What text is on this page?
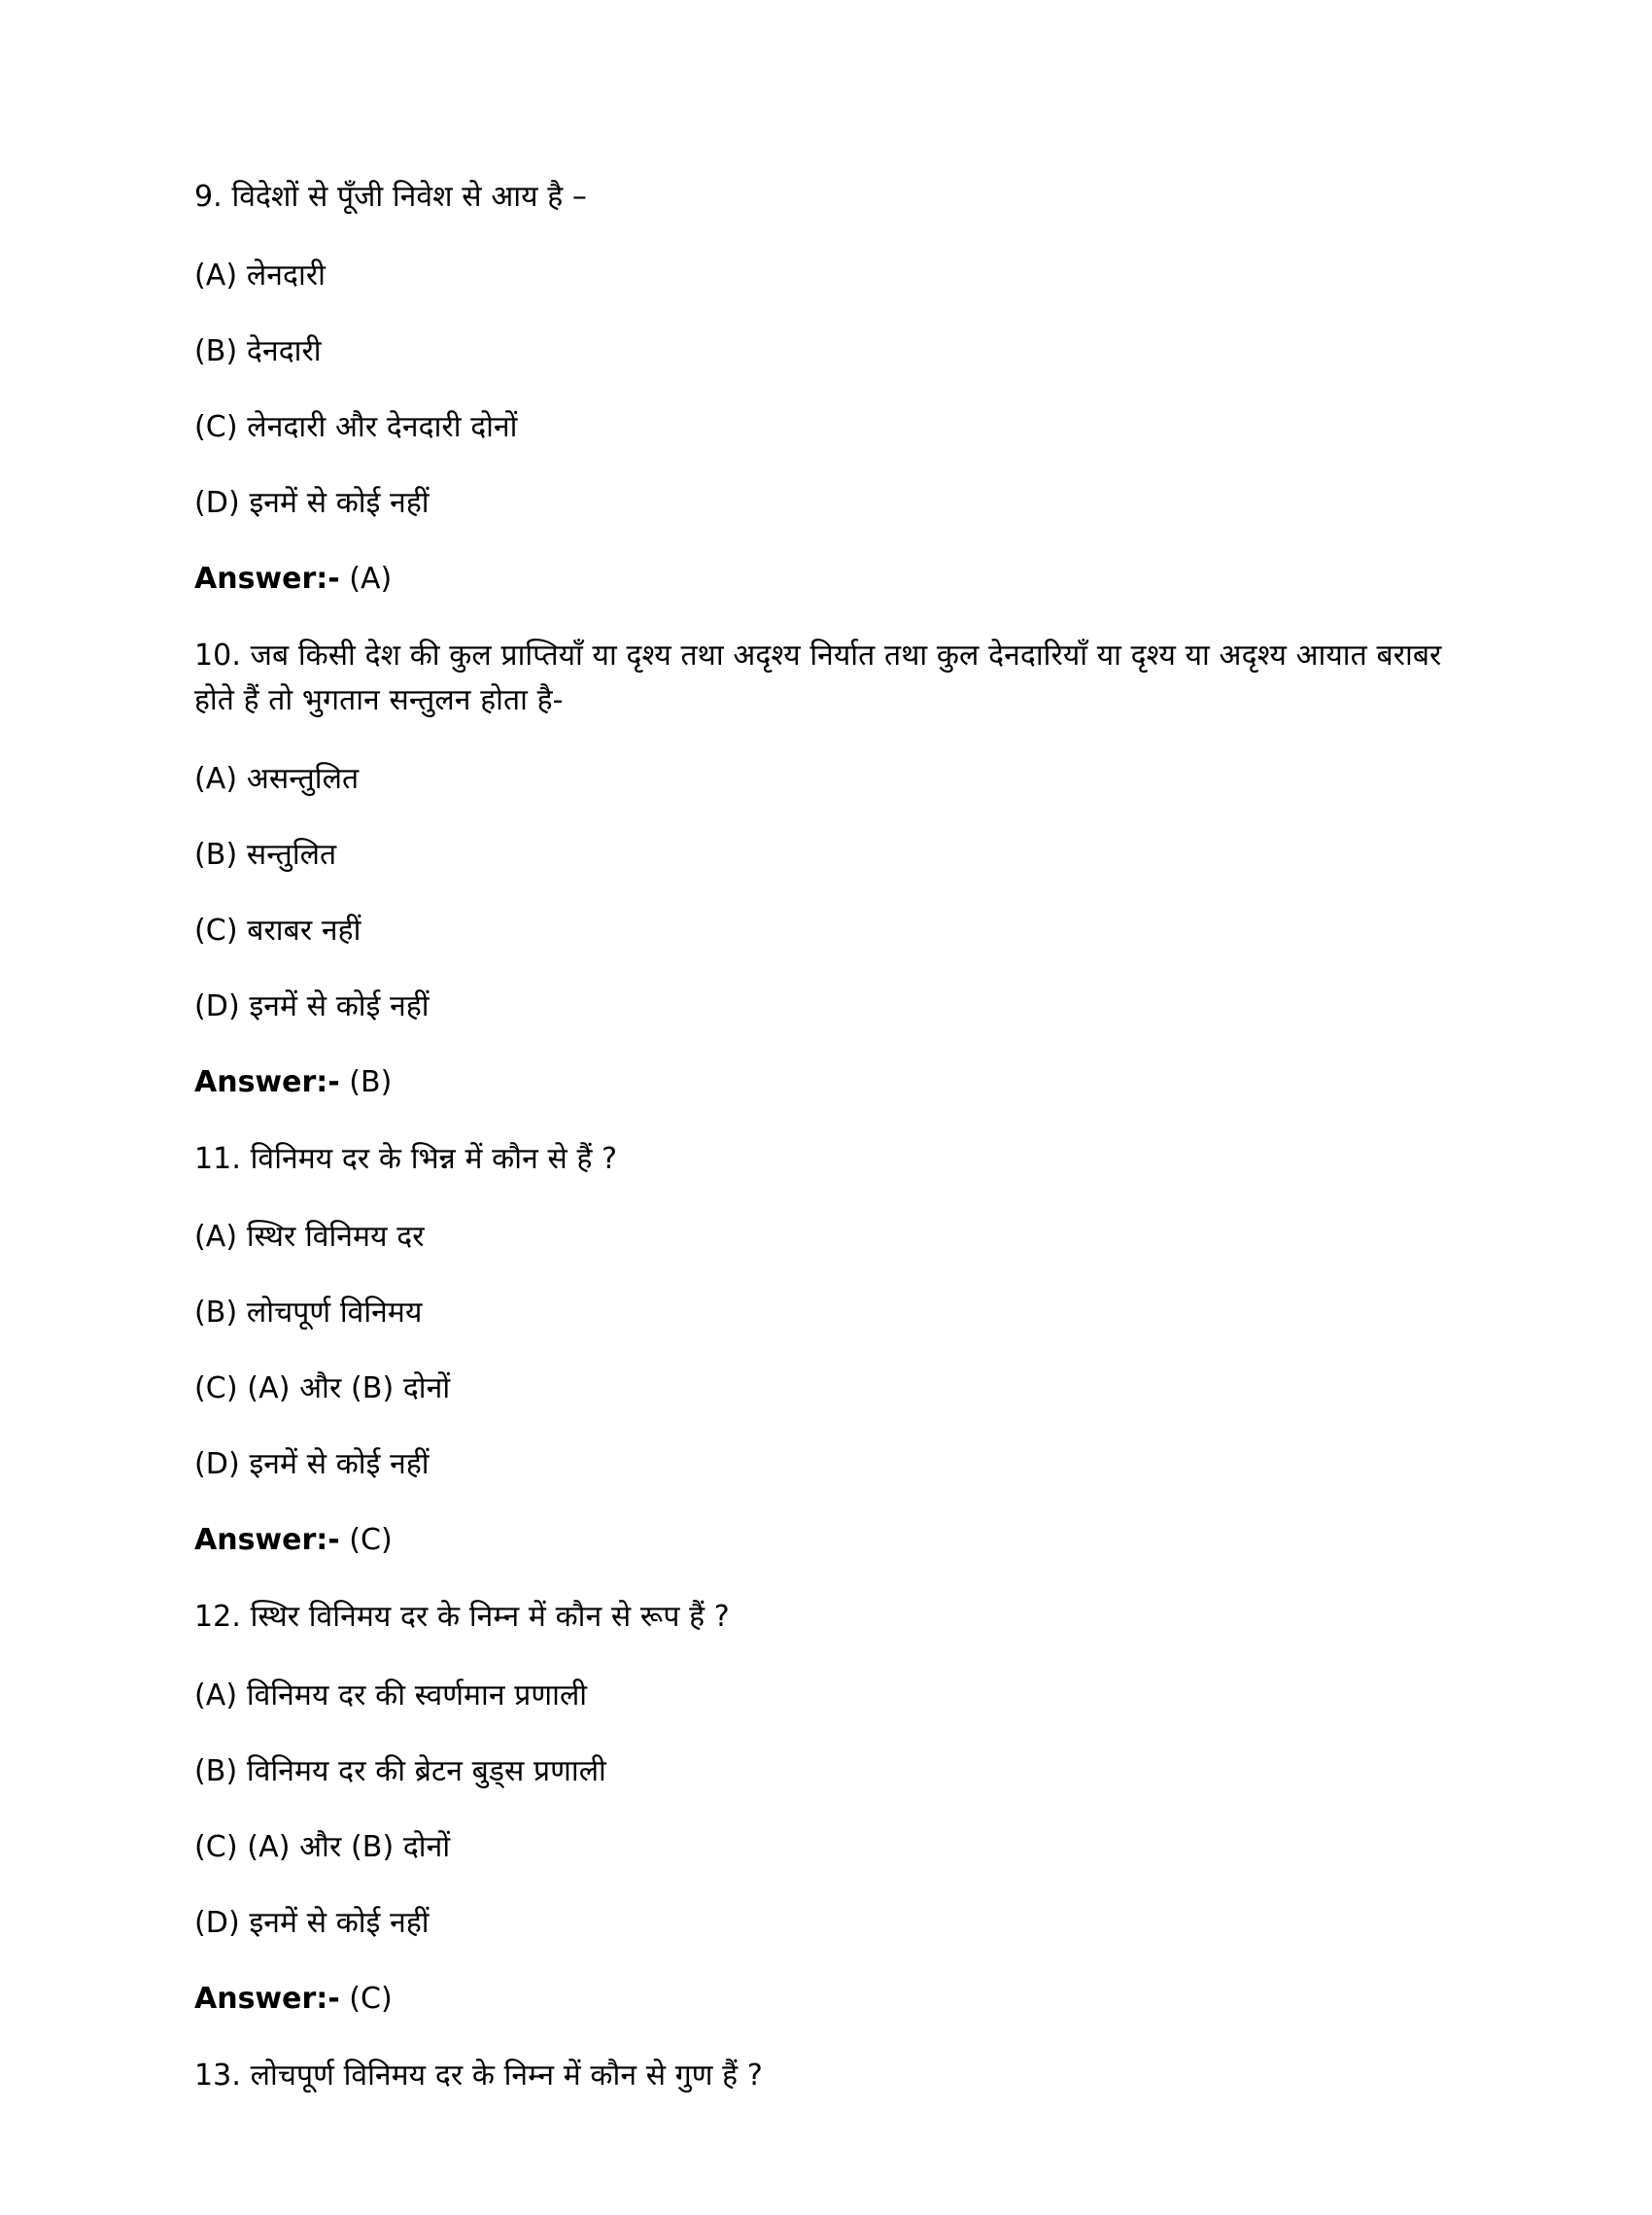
9. विदेशों से पूँजी निवेश से आय है –

(A) लेनदारी

(B) देनदारी

(C) लेनदारी और देनदारी दोनों

(D) इनमें से कोई नहीं

Answer:- (A)

10. जब किसी देश की कुल प्राप्तियाँ या दृश्य तथा अदृश्य निर्यात तथा कुल देनदारियाँ या दृश्य या अदृश्य आयात बराबर होते हैं तो भुगतान सन्तुलन होता है-

(A) असन्तुलित

(B) सन्तुलित

(C) बराबर नहीं

(D) इनमें से कोई नहीं

Answer:- (B)

11. विनिमय दर के भिन्न में कौन से हैं ?

(A) स्थिर विनिमय दर

(B) लोचपूर्ण विनिमय

(C) (A) और (B) दोनों

(D) इनमें से कोई नहीं

Answer:- (C)

12. स्थिर विनिमय दर के निम्न में कौन से रूप हैं ?

(A) विनिमय दर की स्वर्णमान प्रणाली

(B) विनिमय दर की ब्रेटन बुड्स प्रणाली

(C) (A) और (B) दोनों

(D) इनमें से कोई नहीं

Answer:- (C)

13. लोचपूर्ण विनिमय दर के निम्न में कौन से गुण हैं ?
